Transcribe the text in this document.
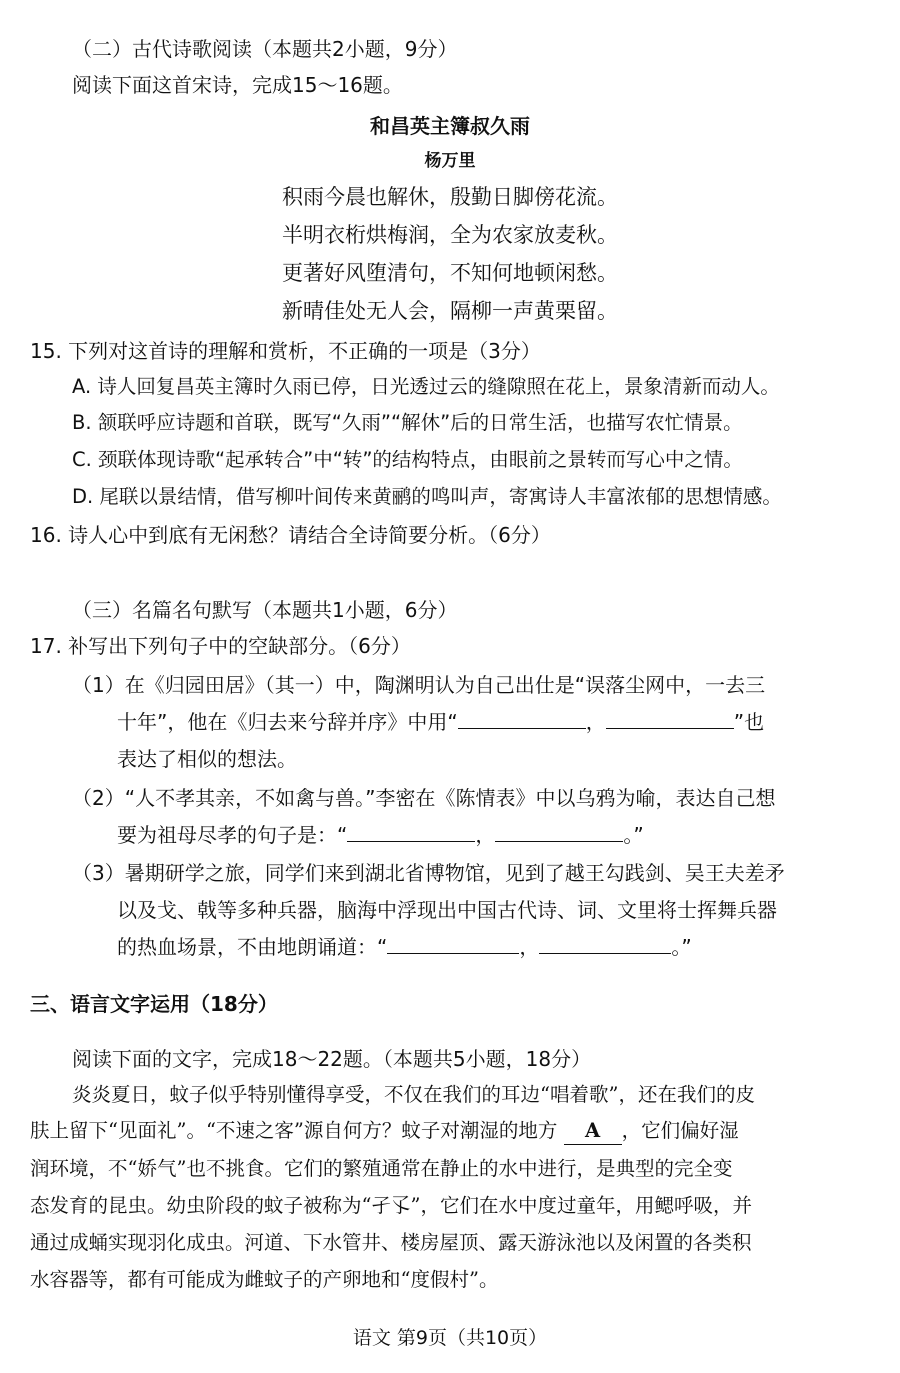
（二）古代诗歌阅读（本题共2小题，9分）
阅读下面这首宋诗，完成15～16题。
和昌英主簿叔久雨
杨万里
积雨今晨也解休，殷勤日脚傍花流。
半明衣桁烘梅润，全为农家放麦秋。
更著好风堕清句，不知何地顿闲愁。
新晴佳处无人会，隔柳一声黄栗留。
15. 下列对这首诗的理解和赏析，不正确的一项是（3分）
A. 诗人回复昌英主簿时久雨已停，日光透过云的缝隙照在花上，景象清新而动人。
B. 颔联呼应诗题和首联，既写“久雨”“解休”后的日常生活，也描写农忙情景。
C. 颈联体现诗歌“起承转合”中“转”的结构特点，由眼前之景转而写心中之情。
D. 尾联以景结情，借写柳叶间传来黄鹂的鸣叫声，寄寓诗人丰富浓郁的思想情感。
16. 诗人心中到底有无闲愁？请结合全诗简要分析。（6分）
（三）名篇名句默写（本题共1小题，6分）
17. 补写出下列句子中的空缺部分。（6分）
（1）在《归园田居》（其一）中，陶渊明认为自己出仕是“误落尘网中，一去三
十年”，他在《归去来兮辞并序》中用“	，	”也
表达了相似的想法。
（2）“人不孝其亲，不如禽与兽。”李密在《陈情表》中以乌鸦为喻，表达自己想
要为祖母尽孝的句子是：“	，	。”
（3）暑期研学之旅，同学们来到湖北省博物馆，见到了越王勾践剑、吴王夫差矛
以及戈、戟等多种兵器，脑海中浮现出中国古代诗、词、文里将士挥舞兵器
的热血场景，不由地朗诵道：“	，	。”
三、语言文字运用（18分）
阅读下面的文字，完成18～22题。（本题共5小题，18分）
炎炎夏日，蚊子似乎特别懂得享受，不仅在我们的耳边“唱着歌”，还在我们的皮
肤上留下“见面礼”。“不速之客”源自何方？蚊子对潮湿的地方 A ，它们偏好湿
润环境，不“娇气”也不挑食。它们的繁殖通常在静止的水中进行，是典型的完全变
态发育的昆虫。幼虫阶段的蚊子被称为“孑孓”，它们在水中度过童年，用鳃呼吸，并
通过成蛹实现羽化成虫。河道、下水管井、楼房屋顶、露天游泳池以及闲置的各类积
水容器等，都有可能成为雌蚊子的产卵地和“度假村”。
语文 第9页（共10页）
